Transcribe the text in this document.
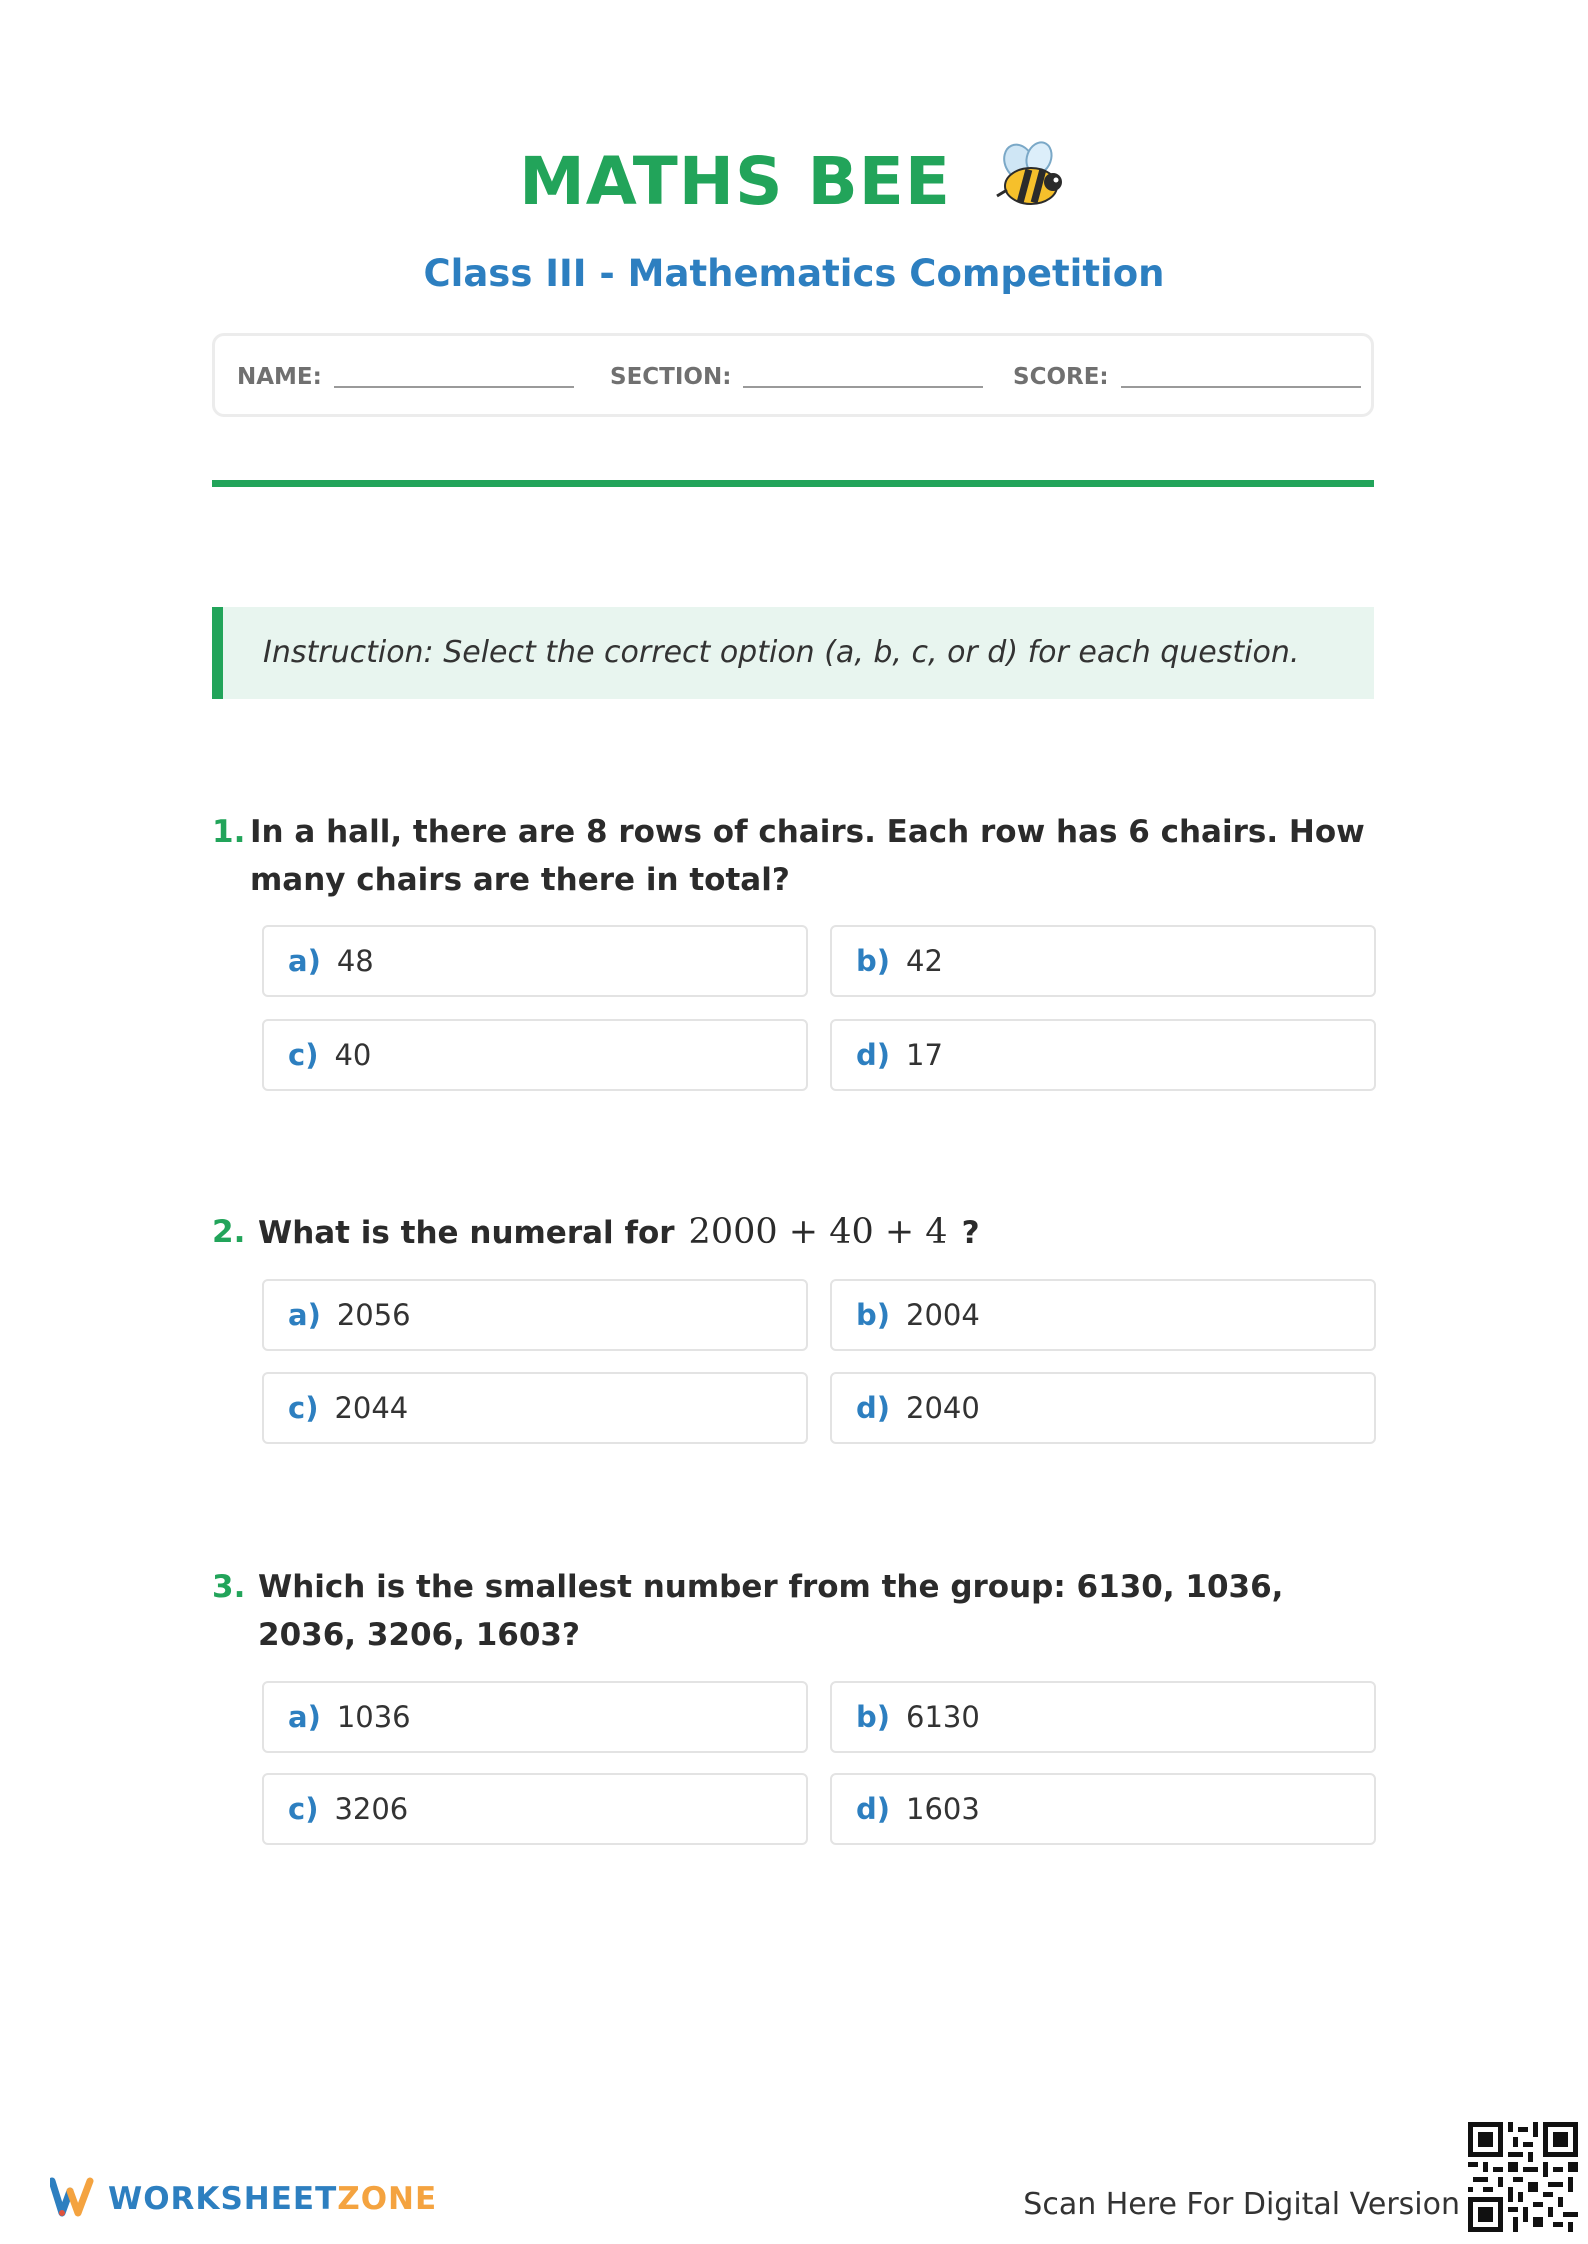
MATHS BEE
Class III - Mathematics Competition
NAME:	SECTION:	SCORE:
Instruction: Select the correct option (a, b, c, or d) for each question.
1. In a hall, there are 8 rows of chairs. Each row has 6 chairs. How many chairs are there in total?
a) 48	b) 42
c) 40	d) 17
2. What is the numeral for 2000 + 40 + 4 ?
a) 2056	b) 2004
c) 2044	d) 2040
3. Which is the smallest number from the group: 6130, 1036, 2036, 3206, 1603?
a) 1036	b) 6130
c) 3206	d) 1603
WORKSHEETZONE	Scan Here For Digital Version
